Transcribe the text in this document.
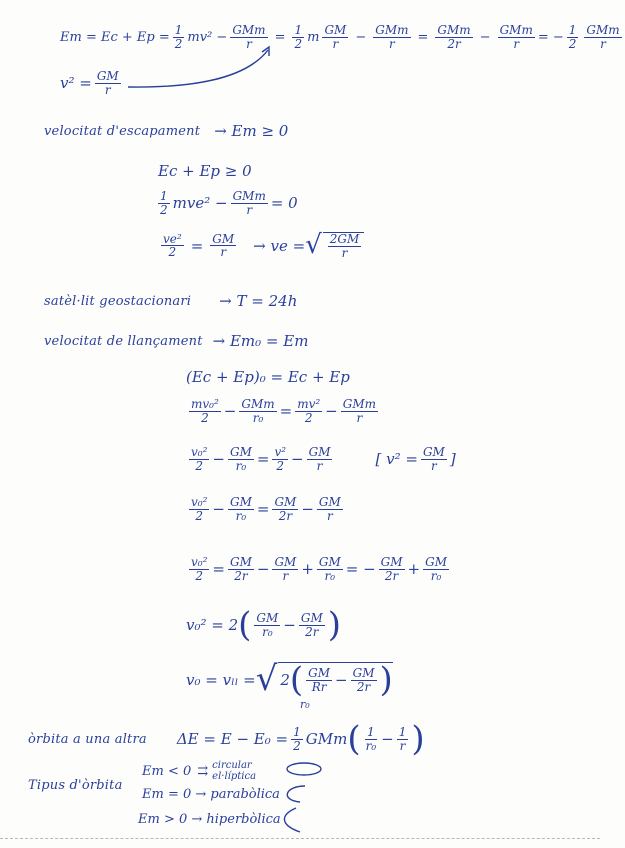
$Em = Ec + Ep = \frac{1}{2} mv^2 - \frac{\text{GMm}}{r} = \frac{1}{2}$ m $\frac{GM}{r} - \frac{\text{GMm}}{r} = \frac{\text{GMm}}{2r} - \frac{\text{GMm}}{r}$ = − $\frac{1}{2} \frac{\text{GMm}}{r}$
$v^2 = \frac{GM}{r}$
velocitat d'escapament → Em ≥ 0
Ec + Ep ≥ 0
$\frac{1}{2} mve^2 - \frac{\text{GMm}}{r} = 0$
$\frac{\text{ve²}}{2} = \frac{GM}{r}$ → ve = √ $\frac{2GM}{r}$
satèl·lit geostacionari → T = 24h
velocitat de llançament → Em₀ = Em
(Ec + Ep)₀ = Ec + Ep
$\frac{\text{mv₀²}}{2} - \frac{\text{GMm}}{\text{r₀}} = \frac{\text{mv²}}{2} - \frac{\text{GMm}}{r}$
$\frac{\text{v₀²}}{2} - \frac{GM}{\text{r₀}} = \frac{\text{v²}}{2} - \frac{GM}{r}$	[ $v^2 = \frac{GM}{r}$ ]
$\frac{\text{v₀²}}{2} - \frac{GM}{\text{r₀}} = \frac{GM}{2r} - \frac{GM}{r}$
$\frac{\text{v₀²}}{2} = \frac{GM}{2r} - \frac{GM}{r} + \frac{GM}{\text{r₀}}$ = − $\frac{GM}{2r} + \frac{GM}{\text{r₀}}$
v₀² = 2 ( $\frac{GM}{\text{r₀}} - \frac{GM}{2r}$ )
v₀ = vₗₗ = √ 2 ( $\frac{GM}{Rr} - \frac{GM}{2r}$ )
r₀
òrbita a una altra $\Delta E = E - E_0 = \frac{1}{2}$ GMm ( $\frac{1}{\text{r₀}} - \frac{1}{r}$ )
Tipus d'òrbita
Em < 0 ⇉ circular
el·líptica
Em = 0 → parabòlica
Em > 0 → hiperbòlica
